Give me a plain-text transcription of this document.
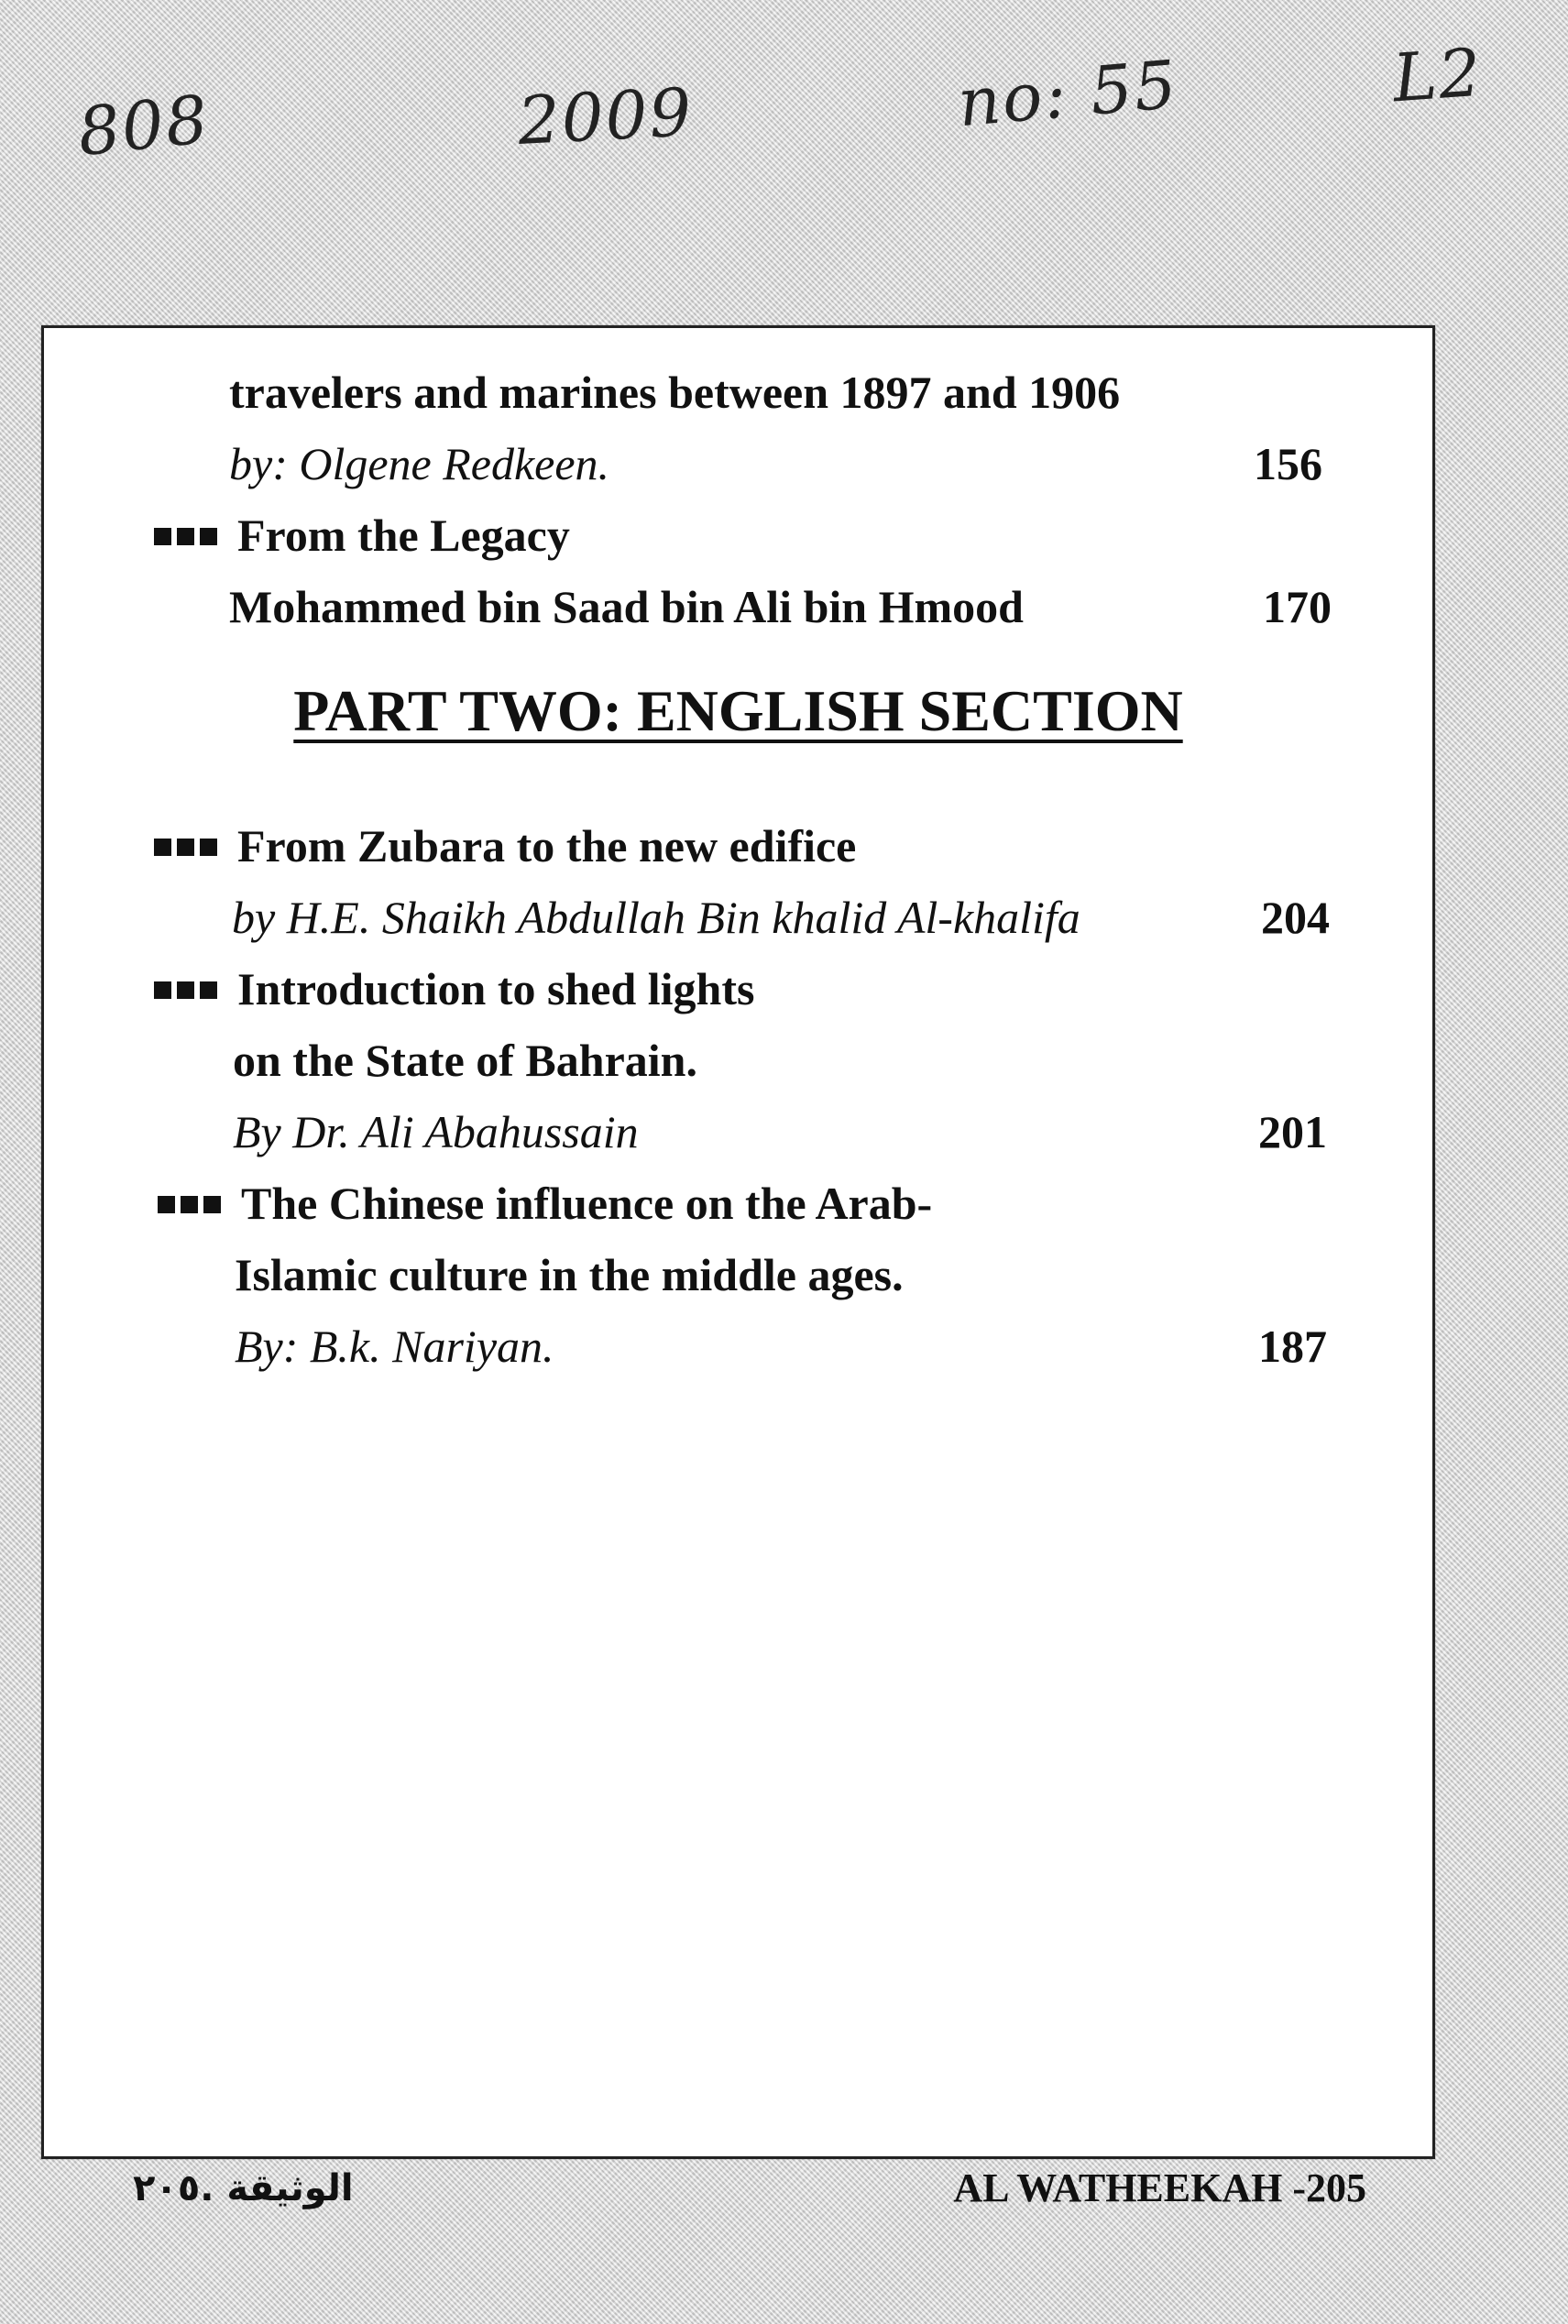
808	2009	no: 55	L2
travelers and marines between 1897 and 1906
by: Olgene Redkeen.	156
From the Legacy
Mohammed bin Saad bin Ali bin Hmood	170
PART TWO: ENGLISH SECTION
From Zubara to the new edifice
by H.E. Shaikh Abdullah Bin khalid Al-khalifa	204
Introduction to shed lights
on the State of Bahrain.
By Dr. Ali Abahussain	201
The Chinese influence on the Arab-
Islamic culture in the middle ages.
By: B.k. Nariyan.	187
الوثيقة .٢٠٥	AL WATHEEKAH -205
